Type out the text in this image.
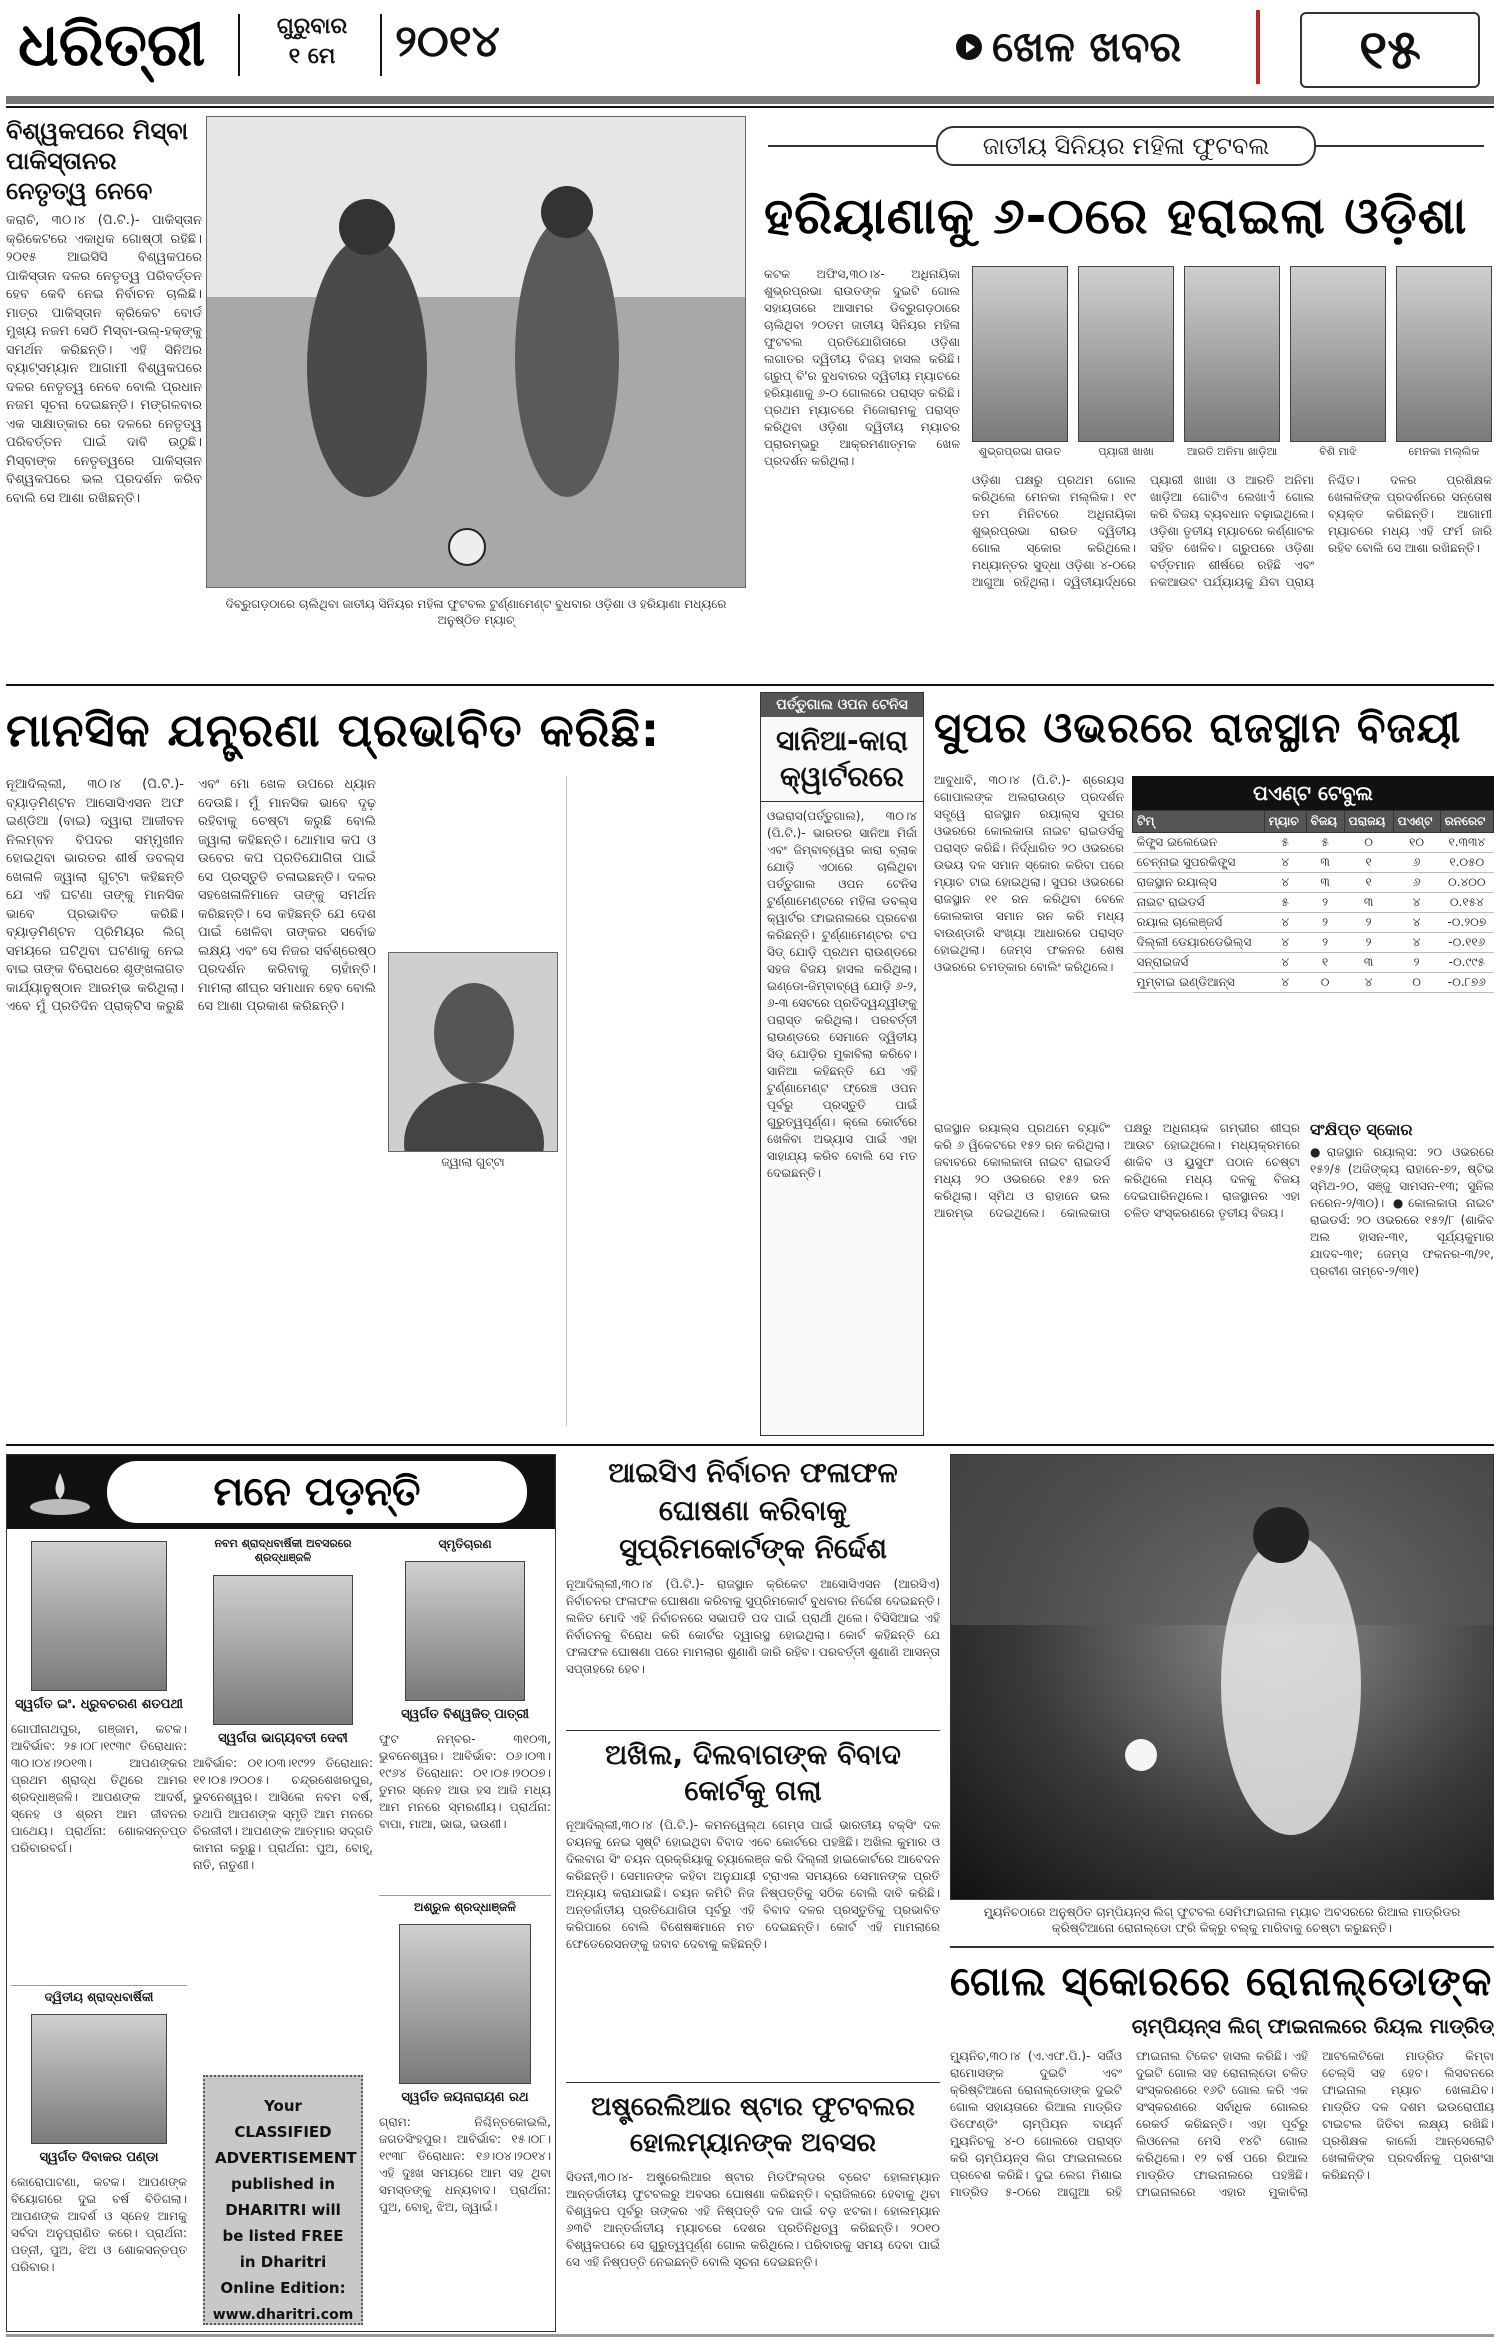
ଧରିତ୍ରୀ	ଗୁରୁବାର
୧ ମେ	୨୦୧୪	ଖେଳ ଖବର	୧୫
ବିଶ୍ୱକପରେ ମିସ୍‌ବା ପାକିସ୍ତାନର ନେତୃତ୍ୱ ନେବେ
କରାଚି, ୩୦।୪ (ପି.ଟି.)- ପାକିସ୍ତାନ କ୍ରିକେଟରେ ଏକାଧିକ ଗୋଷ୍ଠୀ ରହିଛି। ୨୦୧୫ ଆଇସିସି ବିଶ୍ୱକପରେ ପାକିସ୍ତାନ ଦଳର ନେତୃତ୍ୱ ପରିବର୍ତ୍ତନ ହେବ କେବି ନେଇ ନିର୍ବାଚନ ଚାଲିଛି। ମାତ୍ର ପାକିସ୍ତାନ କ୍ରିକେଟ ବୋର୍ଡ ମୁଖ୍ୟ ନଜମ ସେଠି ମିସ୍‌ବା-ଉଲ୍-ହକ୍‌ଙ୍କୁ ସମର୍ଥନ କରିଛନ୍ତି। ଏହି ସିନିଅର ବ୍ୟାଟ୍ସମ୍ୟାନ ଆଗାମୀ ବିଶ୍ୱକପରେ ଦଳର ନେତୃତ୍ୱ ନେବେ ବୋଲି ପ୍ରଧାନ ନଜମ ସୂଚନା ଦେଇଛନ୍ତି। ମଙ୍ଗଳବାର ଏକ ସାକ୍ଷାତ୍‌କାର ରେ ଦଳରେ ନେତୃତ୍ୱ ପରିବର୍ତ୍ତନ ପାଇଁ ଦାବି ଉଠୁଛି। ମିସ୍‌ବାଙ୍କ ନେତୃତ୍ୱରେ ପାକିସ୍ତାନ ବିଶ୍ୱକପରେ ଭଲ ପ୍ରଦର୍ଶନ କରିବ ବୋଲି ସେ ଆଶା ରଖିଛନ୍ତି।
ଦିବ୍ରୁଗଡ଼ଠାରେ ଚାଲିଥିବା ଜାତୀୟ ସିନିୟର ମହିଳା ଫୁଟବଲ ଟୁର୍ଣ୍ଣାମେଣ୍ଟ ବୁଧବାର ଓଡ଼ିଶା ଓ ହରିୟାଣା ମଧ୍ୟରେ ଅନୁଷ୍ଠିତ ମ୍ୟାଚ୍‌
ଜାତୀୟ ସିନିୟର ମହିଳା ଫୁଟବଲ
ହରିୟାଣାକୁ ୬-୦ରେ ହରାଇଲା ଓଡ଼ିଶା
କଟକ ଅଫିସ,୩୦।୪- ଅଧିନାୟିକା ଶୁଭ୍ରପ୍ରଭା ରାଉତଙ୍କ ଦୁଇଟି ଗୋଲ ସହାୟତାରେ ଆସାମର ଡିବ୍ରୁଗଡ଼ଠାରେ ଚାଲିଥିବା ୨୦ତମ ଜାତୀୟ ସିନିୟର ମହିଳା ଫୁଟବଲ ପ୍ରତିଯୋଗିତାରେ ଓଡ଼ିଶା ଲଗାତର ଦ୍ୱିତୀୟ ବିଜୟ ହାସଲ କରିଛି। ଗ୍ରୁପ୍ ବି'ର ବୁଧବାରର ଦ୍ୱିତୀୟ ମ୍ୟାଚରେ ହରିୟାଣାକୁ ୬-୦ ଗୋଲରେ ପରାସ୍ତ କରିଛି। ପ୍ରଥମ ମ୍ୟାଚରେ ମିଜୋରାମକୁ ପରାସ୍ତ କରିଥିବା ଓଡ଼ିଶା ଦ୍ୱିତୀୟ ମ୍ୟାଚର ପ୍ରାରମ୍ଭରୁ ଆକ୍ରମଣାତ୍ମକ ଖେଳ ପ୍ରଦର୍ଶନ କରିଥିଲା।
ଶୁଭ୍ରପ୍ରଭା ରାଉତ	ପ୍ୟାରୀ ଖାଖା	ଆରତି ଅନିମା ଖାଡ଼ିଆ	ବିଶି ମାଝି	ମେନକା ମଲ୍ଲିକ
ଓଡ଼ିଶା ପକ୍ଷରୁ ପ୍ରଥମ ଗୋଲ କରିଥିଲେ ମେନକା ମଲ୍ଲିକ। ୧୯ ତମ ମିନିଟରେ ଅଧିନାୟିକା ଶୁଭ୍ରପ୍ରଭା ରାଉତ ଦ୍ୱିତୀୟ ଗୋଲ ସ୍କୋର କରିଥିଲେ। ମଧ୍ୟାନ୍ତର ସୁଦ୍ଧା ଓଡ଼ିଶା ୪-୦ରେ ଆଗୁଆ ରହିଥିଲା। ଦ୍ୱିତୀୟାର୍ଦ୍ଧରେ ପ୍ୟାରୀ ଖାଖା ଓ ଆରତି ଅନିମା ଖାଡ଼ିଆ ଗୋଟିଏ ଲେଖାଏଁ ଗୋଲ କରି ବିଜୟ ବ୍ୟବଧାନ ବଢ଼ାଇଥିଲେ। ଓଡ଼ିଶା ତୃତୀୟ ମ୍ୟାଚରେ କର୍ଣ୍ଣାଟକ ସହିତ ଖେଳିବ। ଗ୍ରୁପରେ ଓଡ଼ିଶା ବର୍ତ୍ତମାନ ଶୀର୍ଷରେ ରହିଛି ଏବଂ ନକଆଉଟ ପର୍ଯ୍ୟାୟକୁ ଯିବା ପ୍ରାୟ ନିଶ୍ଚିତ। ଦଳର ପ୍ରଶିକ୍ଷକ ଖେଳାଳିଙ୍କ ପ୍ରଦର୍ଶନରେ ସନ୍ତୋଷ ବ୍ୟକ୍ତ କରିଛନ୍ତି। ଆଗାମୀ ମ୍ୟାଚରେ ମଧ୍ୟ ଏହି ଫର୍ମ ଜାରି ରହିବ ବୋଲି ସେ ଆଶା ରଖିଛନ୍ତି।
ମାନସିକ ଯନ୍ତ୍ରଣା ପ୍ରଭାବିତ କରିଛି:
ନୂଆଦିଲ୍ଲୀ, ୩୦।୪ (ପି.ଟି.)- ବ୍ୟାଡ଼ମିଣ୍ଟନ ଆସୋସିଏସନ ଅଫ ଇଣ୍ଡିଆ (ବାଇ) ଦ୍ୱାରା ଆଜୀବନ ନିଲମ୍ବନ ବିପଦର ସମ୍ମୁଖୀନ ହୋଇଥିବା ଭାରତର ଶୀର୍ଷ ଡବଲ୍‌ସ ଖେଳାଳି ଜ୍ୱାଲା ଗୁଟ୍ଟା କହିଛନ୍ତି ଯେ ଏହି ଘଟଣା ତାଙ୍କୁ ମାନସିକ ଭାବେ ପ୍ରଭାବିତ କରିଛି। ବ୍ୟାଡ଼ମିଣ୍ଟନ ପ୍ରିମିୟର ଲିଗ୍ ସମୟରେ ଘଟିଥିବା ଘଟଣାକୁ ନେଇ ବାଇ ତାଙ୍କ ବିରୋଧରେ ଶୃଙ୍ଖଳାଗତ କାର୍ଯ୍ୟାନୁଷ୍ଠାନ ଆରମ୍ଭ କରିଥିଲା। ଏବେ ମୁଁ ପ୍ରତିଦିନ ପ୍ରାକ୍ଟିସ କରୁଛି ଏବଂ ମୋ ଖେଳ ଉପରେ ଧ୍ୟାନ ଦେଉଛି। ମୁଁ ମାନସିକ ଭାବେ ଦୃଢ଼ ରହିବାକୁ ଚେଷ୍ଟା କରୁଛି ବୋଲି ଜ୍ୱାଲା କହିଛନ୍ତି। ଥୋମାସ କପ ଓ ଉବେର କପ ପ୍ରତିଯୋଗିତା ପାଇଁ ସେ ପ୍ରସ୍ତୁତି ଚଳାଇଛନ୍ତି। ଦଳର ସହଖେଳାଳିମାନେ ତାଙ୍କୁ ସମର୍ଥନ କରିଛନ୍ତି। ସେ କହିଛନ୍ତି ଯେ ଦେଶ ପାଇଁ ଖେଳିବା ତାଙ୍କର ସର୍ବୋଚ୍ଚ ଲକ୍ଷ୍ୟ ଏବଂ ସେ ନିଜର ସର୍ବଶ୍ରେଷ୍ଠ ପ୍ରଦର୍ଶନ କରିବାକୁ ଚାହାଁନ୍ତି। ମାମଲା ଶୀଘ୍ର ସମାଧାନ ହେବ ବୋଲି ସେ ଆଶା ପ୍ରକାଶ କରିଛନ୍ତି।
ଜ୍ୱାଲା ଗୁଟ୍ଟା
ପର୍ତ୍ତୁଗାଲ ଓପନ ଟେନିସ
ସାନିଆ-କାରା କ୍ୱାର୍ଟରରେ
ଓଇରାସ(ପର୍ତ୍ତୁଗାଲ), ୩୦।୪ (ପି.ଟି.)- ଭାରତର ସାନିଆ ମିର୍ଜା ଏବଂ ଜିମ୍ବାବ୍ୱେର କାରା ବ୍ଲାକ ଯୋଡ଼ି ଏଠାରେ ଚାଲିଥିବା ପର୍ତ୍ତୁଗାଲ ଓପନ ଟେନିସ ଟୁର୍ଣ୍ଣାମେଣ୍ଟରେ ମହିଳା ଡବଲ୍‌ସ କ୍ୱାର୍ଟର ଫାଇନାଲରେ ପ୍ରବେଶ କରିଛନ୍ତି। ଟୁର୍ଣ୍ଣାମେଣ୍ଟର ଟପ ସିଡ୍ ଯୋଡ଼ି ପ୍ରଥମ ରାଉଣ୍ଡରେ ସହଜ ବିଜୟ ହାସଲ କରିଥିଲା। ଇଣ୍ଡୋ-ଜିମ୍ବାବ୍ୱେ ଯୋଡ଼ି ୬-୨, ୬-୩ ସେଟରେ ପ୍ରତିଦ୍ୱନ୍ଦ୍ୱୀଙ୍କୁ ପରାସ୍ତ କରିଥିଲା। ପରବର୍ତ୍ତୀ ରାଉଣ୍ଡରେ ସେମାନେ ଦ୍ୱିତୀୟ ସିଡ୍ ଯୋଡ଼ିର ମୁକାବିଲା କରିବେ। ସାନିଆ କହିଛନ୍ତି ଯେ ଏହି ଟୁର୍ଣ୍ଣାମେଣ୍ଟ ଫ୍ରେଞ୍ଚ ଓପନ ପୂର୍ବରୁ ପ୍ରସ୍ତୁତି ପାଇଁ ଗୁରୁତ୍ୱପୂର୍ଣ୍ଣ। କ୍ଲେ କୋର୍ଟରେ ଖେଳିବା ଅଭ୍ୟାସ ପାଇଁ ଏହା ସାହାଯ୍ୟ କରିବ ବୋଲି ସେ ମତ ଦେଇଛନ୍ତି।
ସୁପର ଓଭରରେ ରାଜସ୍ଥାନ ବିଜୟୀ
ଆବୁଧାବି, ୩୦।୪ (ପି.ଟି.)- ଶ୍ରେୟସ ଗୋପାଲଙ୍କ ଅଲରାଉଣ୍ଡ ପ୍ରଦର୍ଶନ ସତ୍ତ୍ୱେ ରାଜସ୍ଥାନ ରୟାଲ୍‌ସ ସୁପର ଓଭରରେ କୋଲକାତା ନାଇଟ ରାଇଡର୍ସକୁ ପରାସ୍ତ କରିଛି। ନିର୍ଦ୍ଧାରିତ ୨୦ ଓଭରରେ ଉଭୟ ଦଳ ସମାନ ସ୍କୋର କରିବା ପରେ ମ୍ୟାଚ ଟାଇ ହୋଇଥିଲା। ସୁପର ଓଭରରେ ରାଜସ୍ଥାନ ୧୧ ରନ କରିଥିବା ବେଳେ କୋଲକାତା ସମାନ ରନ କରି ମଧ୍ୟ ବାଉଣ୍ଡାରି ସଂଖ୍ୟା ଆଧାରରେ ପରାସ୍ତ ହୋଇଥିଲା। ଜେମ୍ସ ଫକନର ଶେଷ ଓଭରରେ ଚମତ୍କାର ବୋଲିଂ କରିଥିଲେ।
ପଏଣ୍ଟ ଟେବୁଲ
ଟିମ୍	ମ୍ୟାଚ	ବିଜୟ	ପରାଜୟ	ପଏଣ୍ଟ	ରନରେଟ
କିଙ୍ଗ୍ସ ଇଲେଭେନ	୫	୫	୦	୧୦	୧.୩୩୪
ଚେନ୍ନାଇ ସୁପରକିଙ୍ଗ୍ସ	୪	୩	୧	୬	୧.୦୫୦
ରାଜସ୍ଥାନ ରୟାଲ୍‌ସ	୪	୩	୧	୬	୦.୪୦୦
ନାଇଟ ରାଇଡର୍ସ	୫	୨	୩	୪	୦.୧୫୪
ରୟାଲ ଚାଲେଞ୍ଜର୍ସ	୪	୨	୨	୪	-୦.୨୦୭
ଦିଲ୍ଲୀ ଡେୟାରଡେଭିଲ୍‌ସ	୪	୨	୨	୪	-୦.୧୧୬
ସନ୍‌ରାଇଜର୍ସ	୪	୧	୩	୨	-୦.୯୯୫
ମୁମ୍ବାଇ ଇଣ୍ଡିଆନ୍ସ	୪	୦	୪	୦	-୦.୮୭୬
ରାଜସ୍ଥାନ ରୟାଲ୍‌ସ ପ୍ରଥମେ ବ୍ୟାଟିଂ କରି ୬ ୱିକେଟରେ ୧୫୨ ରନ କରିଥିଲା। ଜବାବରେ କୋଲକାତା ନାଇଟ ରାଇଡର୍ସ ମଧ୍ୟ ୨୦ ଓଭରରେ ୧୫୨ ରନ କରିଥିଲା। ସ୍ମିଥ ଓ ରାହାନେ ଭଲ ଆରମ୍ଭ ଦେଇଥିଲେ। କୋଲକାତା ପକ୍ଷରୁ ଅଧିନାୟକ ଗମ୍ଭୀର ଶୀଘ୍ର ଆଉଟ ହୋଇଥିଲେ। ମଧ୍ୟକ୍ରମରେ ଶାକିବ ଓ ୟୁସୁଫ ପଠାନ ଚେଷ୍ଟା କରିଥିଲେ ମଧ୍ୟ ଦଳକୁ ବିଜୟ ଦେଇପାରିନଥିଲେ। ରାଜସ୍ଥାନର ଏହା ଚଳିତ ସଂସ୍କରଣରେ ତୃତୀୟ ବିଜୟ।
ସଂକ୍ଷିପ୍ତ ସ୍କୋର
●ରାଜସ୍ଥାନ ରୟାଲ୍‌ସ: ୨୦ ଓଭରରେ ୧୫୨/୫ (ଅଜିଙ୍କ୍ୟ ରାହାନେ-୭୨, ଷ୍ଟିଭ ସ୍ମିଥ-୨୦, ସଞ୍ଜୁ ସାମସନ-୧୩; ସୁନିଲ ନରେନ-୨/୩୦)। ●କୋଲକାତା ନାଇଟ ରାଇଡର୍ସ: ୨୦ ଓଭରରେ ୧୫୨/୮ (ଶାକିବ ଅଲ ହାସନ-୩୧, ସୂର୍ଯ୍ୟକୁମାର ଯାଦବ-୩୧; ଜେମ୍ସ ଫକନର-୩/୨୧, ପ୍ରବୀଣ ତାମ୍ବେ-୨/୩୧)
ମନେ ପଡ଼ନ୍ତି
ସ୍ୱର୍ଗତ ଇଂ. ଧ୍ରୁବଚରଣ ଶତପଥୀ
ଗୋପୀନାଥପୁର, ଗଞ୍ଜାମ, କଟକ। ଆବିର୍ଭାବ: ୨୫।୦୮।୧୯୩୯ ତିରୋଧାନ: ୩୦।୦୪।୨୦୧୩। ଆପଣଙ୍କର ପ୍ରଥମ ଶ୍ରାଦ୍ଧ ତିଥିରେ ଆମର ଶ୍ରଦ୍ଧାଞ୍ଜଳି। ଆପଣଙ୍କ ଆଦର୍ଶ, ସ୍ନେହ ଓ ଶ୍ରମ ଆମ ଜୀବନର ପାଥେୟ। ପ୍ରାର୍ଥନା: ଶୋକସନ୍ତପ୍ତ ପରିବାରବର୍ଗ।
ନବମ ଶ୍ରାଦ୍ଧବାର୍ଷିକୀ ଅବସରରେ ଶ୍ରଦ୍ଧାଞ୍ଜଳି
ସ୍ୱର୍ଗତା ଭାଗ୍ୟବତୀ ଦେବୀ
ଆବିର୍ଭାବ: ୦୧।୦୩।୧୯୨୨ ତିରୋଧାନ: ୧୧।୦୫।୨୦୦୫। ଚନ୍ଦ୍ରଶେଖରପୁର, ଭୁବନେଶ୍ୱର। ଆସିଲେ ନବମ ବର୍ଷ, ତଥାପି ଆପଣଙ୍କ ସ୍ମୃତି ଆମ ମନରେ ଚିରଜୀବୀ। ଆପଣଙ୍କ ଆତ୍ମାର ସଦ୍‌ଗତି କାମନା କରୁଛୁ। ପ୍ରାର୍ଥନା: ପୁଅ, ବୋହୂ, ନାତି, ନାତୁଣୀ।
ସ୍ମୃତିଚାରଣ
ସ୍ୱର୍ଗତ ବିଶ୍ୱଜିତ୍ ପାତ୍ରୀ
ଫୁଟ ନମ୍ବର- ୩୧୦୩, ଭୁବନେଶ୍ୱର। ଆବିର୍ଭାବ: ୦୬।୦୩।୧୯୬୪ ତିରୋଧାନ: ୦୧।୦୫।୨୦୦୭। ତୁମର ସ୍ନେହ ଆଉ ହସ ଆଜି ମଧ୍ୟ ଆମ ମନରେ ସ୍ମରଣୀୟ। ପ୍ରାର୍ଥନା: ବାପା, ମାଆ, ଭାଇ, ଭଉଣୀ।
ଦ୍ୱିତୀୟ ଶ୍ରାଦ୍ଧବାର୍ଷିକୀ
ସ୍ୱର୍ଗତ ଦିବାକର ପଣ୍ଡା
କୋରୋପାଟଣା, କଟକ। ଆପଣଙ୍କ ବିୟୋଗରେ ଦୁଇ ବର୍ଷ ବିତିଗଲା। ଆପଣଙ୍କ ଆଦର୍ଶ ଓ ସ୍ନେହ ଆମକୁ ସର୍ବଦା ଅନୁପ୍ରାଣିତ କରେ। ପ୍ରାର୍ଥନା: ପତ୍ନୀ, ପୁଅ, ଝିଅ ଓ ଶୋକସନ୍ତପ୍ତ ପରିବାର।
Your CLASSIFIED ADVERTISEMENT published in DHARITRI will be listed FREE in Dharitri Online Edition:
www.dharitri.com
ଅଶ୍ରୁଳ ଶ୍ରଦ୍ଧାଞ୍ଜଳି
ସ୍ୱର୍ଗତ ଜୟନାରାୟଣ ରଥ
ଗ୍ରାମ: ନିଶ୍ଚିନ୍ତକୋଇଲି, ଜଗତସିଂହପୁର। ଆବିର୍ଭାବ: ୧୫।୦୮।୧୯୩୮ ତିରୋଧାନ: ୧୬।୦୪।୨୦୧୪। ଏହି ଦୁଃଖ ସମୟରେ ଆମ ସହ ଥିବା ସମସ୍ତଙ୍କୁ ଧନ୍ୟବାଦ। ପ୍ରାର୍ଥନା: ପୁଅ, ବୋହୂ, ଝିଅ, ଜ୍ୱାଇଁ।
ଆଇସିଏ ନିର୍ବାଚନ ଫଳାଫଳ ଘୋଷଣା କରିବାକୁ ସୁପ୍ରିମକୋର୍ଟଙ୍କ ନିର୍ଦ୍ଦେଶ
ନୂଆଦିଲ୍ଲୀ,୩୦।୪ (ପି.ଟି.)- ରାଜସ୍ଥାନ କ୍ରିକେଟ ଆସୋସିଏସନ (ଆରସିଏ) ନିର୍ବାଚନର ଫଳାଫଳ ଘୋଷଣା କରିବାକୁ ସୁପ୍ରିମକୋର୍ଟ ବୁଧବାର ନିର୍ଦ୍ଦେଶ ଦେଇଛନ୍ତି। ଲଳିତ ମୋଦି ଏହି ନିର୍ବାଚନରେ ସଭାପତି ପଦ ପାଇଁ ପ୍ରାର୍ଥୀ ଥିଲେ। ବିସିସିଆଇ ଏହି ନିର୍ବାଚନକୁ ବିରୋଧ କରି କୋର୍ଟର ଦ୍ୱାରସ୍ଥ ହୋଇଥିଲା। କୋର୍ଟ କହିଛନ୍ତି ଯେ ଫଳାଫଳ ଘୋଷଣା ପରେ ମାମଲାର ଶୁଣାଣି ଜାରି ରହିବ। ପରବର୍ତ୍ତୀ ଶୁଣାଣି ଆସନ୍ତା ସପ୍ତାହରେ ହେବ।
ଅଖିଲ, ଦିଲବାଗଙ୍କ ବିବାଦ କୋର୍ଟକୁ ଗଲା
ନୂଆଦିଲ୍ଲୀ,୩୦।୪ (ପି.ଟି.)- କମନୱେଲ୍‌ଥ ଗେମ୍ସ ପାଇଁ ଭାରତୀୟ ବକ୍ସିଂ ଦଳ ଚୟନକୁ ନେଇ ସୃଷ୍ଟି ହୋଇଥିବା ବିବାଦ ଏବେ କୋର୍ଟରେ ପହଞ୍ଚିଛି। ଅଖିଲ କୁମାର ଓ ଦିଲବାଗ ସିଂ ଚୟନ ପ୍ରକ୍ରିୟାକୁ ଚ୍ୟାଲେଞ୍ଜ କରି ଦିଲ୍ଲୀ ହାଇକୋର୍ଟରେ ଆବେଦନ କରିଛନ୍ତି। ସେମାନଙ୍କ କହିବା ଅନୁଯାୟୀ ଟ୍ରାଏଲ ସମୟରେ ସେମାନଙ୍କ ପ୍ରତି ଅନ୍ୟାୟ କରାଯାଇଛି। ଚୟନ କମିଟି ନିଜ ନିଷ୍ପତ୍ତିକୁ ସଠିକ ବୋଲି ଦାବି କରିଛି। ଅନ୍ତର୍ଜାତୀୟ ପ୍ରତିଯୋଗିତା ପୂର୍ବରୁ ଏହି ବିବାଦ ଦଳର ପ୍ରସ୍ତୁତିକୁ ପ୍ରଭାବିତ କରିପାରେ ବୋଲି ବିଶେଷଜ୍ଞମାନେ ମତ ଦେଇଛନ୍ତି। କୋର୍ଟ ଏହି ମାମଲାରେ ଫେଡେରେସନଙ୍କୁ ଜବାବ ଦେବାକୁ କହିଛନ୍ତି।
ଅଷ୍ଟ୍ରେଲିଆର ଷ୍ଟାର ଫୁଟବଲର ହୋଲମ୍ୟାନଙ୍କ ଅବସର
ସିଡନୀ,୩୦।୪- ଅଷ୍ଟ୍ରେଲିଆର ଷ୍ଟାର ମିଡଫିଲ୍ଡର ବ୍ରେଟ ହୋଲମ୍ୟାନ ଆନ୍ତର୍ଜାତୀୟ ଫୁଟବଲରୁ ଅବସର ଘୋଷଣା କରିଛନ୍ତି। ବ୍ରାଜିଲରେ ହେବାକୁ ଥିବା ବିଶ୍ୱକପ ପୂର୍ବରୁ ତାଙ୍କର ଏହି ନିଷ୍ପତ୍ତି ଦଳ ପାଇଁ ବଡ଼ ଝଟକା। ହୋଲମ୍ୟାନ ୬୩ଟି ଆନ୍ତର୍ଜାତୀୟ ମ୍ୟାଚରେ ଦେଶର ପ୍ରତିନିଧିତ୍ୱ କରିଛନ୍ତି। ୨୦୧୦ ବିଶ୍ୱକପରେ ସେ ଗୁରୁତ୍ୱପୂର୍ଣ୍ଣ ଗୋଲ କରିଥିଲେ। ପରିବାରକୁ ସମୟ ଦେବା ପାଇଁ ସେ ଏହି ନିଷ୍ପତ୍ତି ନେଇଛନ୍ତି ବୋଲି ସୂଚନା ଦେଇଛନ୍ତି।
ମ୍ୟୁନିଚଠାରେ ଅନୁଷ୍ଠିତ ଚାମ୍ପିୟନ୍ସ ଲିଗ୍ ଫୁଟବଲ ସେମିଫାଇନାଲ ମ୍ୟାଚ ଅବସରରେ ରିଆଲ ମାଡ୍ରିଡର କ୍ରିଷ୍ଟିଆନୋ ରୋନାଲ୍ଡୋ ଫ୍ରି କିକ୍‌ରୁ ବଲ୍‌କୁ ମାରିବାକୁ ଚେଷ୍ଟା କରୁଛନ୍ତି।
ଗୋଲ ସ୍କୋରରେ ରୋନାଲ୍ଡୋଙ୍କ
ଚାମ୍ପିୟନ୍ସ ଲିଗ୍ ଫାଇନାଲରେ ରିୟଲ ମାଡ୍ରିଡ୍
ମ୍ୟୁନିଚ,୩୦।୪ (ଏ.ଏଫ.ପି.)- ସର୍ଜିଓ ରାମୋସଙ୍କ ଦୁଇଟି ଏବଂ କ୍ରିଷ୍ଟିଆନୋ ରୋନାଲ୍ଡୋଙ୍କ ଦୁଇଟି ଗୋଲ ସହାୟତାରେ ରିଆଲ ମାଡ୍ରିଡ ଡିଫେଣ୍ଡିଂ ଚାମ୍ପିୟନ ବାୟର୍ନ ମ୍ୟୁନିଚକୁ ୪-୦ ଗୋଲରେ ପରାସ୍ତ କରି ଚାମ୍ପିୟନ୍ସ ଲିଗ ଫାଇନାଲରେ ପ୍ରବେଶ କରିଛି। ଦୁଇ ଲେଗ ମିଶାଇ ମାଡ୍ରିଡ ୫-୦ରେ ଆଗୁଆ ରହି ଫାଇନାଲ ଟିକେଟ ହାସଲ କରିଛି। ଏହି ଦୁଇଟି ଗୋଲ ସହ ରୋନାଲ୍ଡୋ ଚଳିତ ସଂସ୍କରଣରେ ୧୬ଟି ଗୋଲ କରି ଏକ ସଂସ୍କରଣରେ ସର୍ବାଧିକ ଗୋଲର ରେକର୍ଡ କରିଛନ୍ତି। ଏହା ପୂର୍ବରୁ ଲିଓନେଲ ମେସି ୧୪ଟି ଗୋଲ କରିଥିଲେ। ୧୨ ବର୍ଷ ପରେ ରିଆଲ ମାଡ୍ରିଡ ଫାଇନାଲରେ ପହଞ୍ଚିଛି। ଫାଇନାଲରେ ଏହାର ମୁକାବିଲା ଆଟଲେଟିକୋ ମାଡ୍ରିଡ କିମ୍ବା ଚେଲ୍‌ସି ସହ ହେବ। ଲିସବନରେ ଫାଇନାଲ ମ୍ୟାଚ ଖେଳାଯିବ। ମାଡ୍ରିଡ ଦଳ ଦଶମ ଇଉରୋପୀୟ ଟାଇଟଲ ଜିତିବା ଲକ୍ଷ୍ୟ ରଖିଛି। ପ୍ରଶିକ୍ଷକ କାର୍ଲୋ ଆନ୍‌ସେଲୋଟି ଖେଳାଳିଙ୍କ ପ୍ରଦର୍ଶନକୁ ପ୍ରଶଂସା କରିଛନ୍ତି।
